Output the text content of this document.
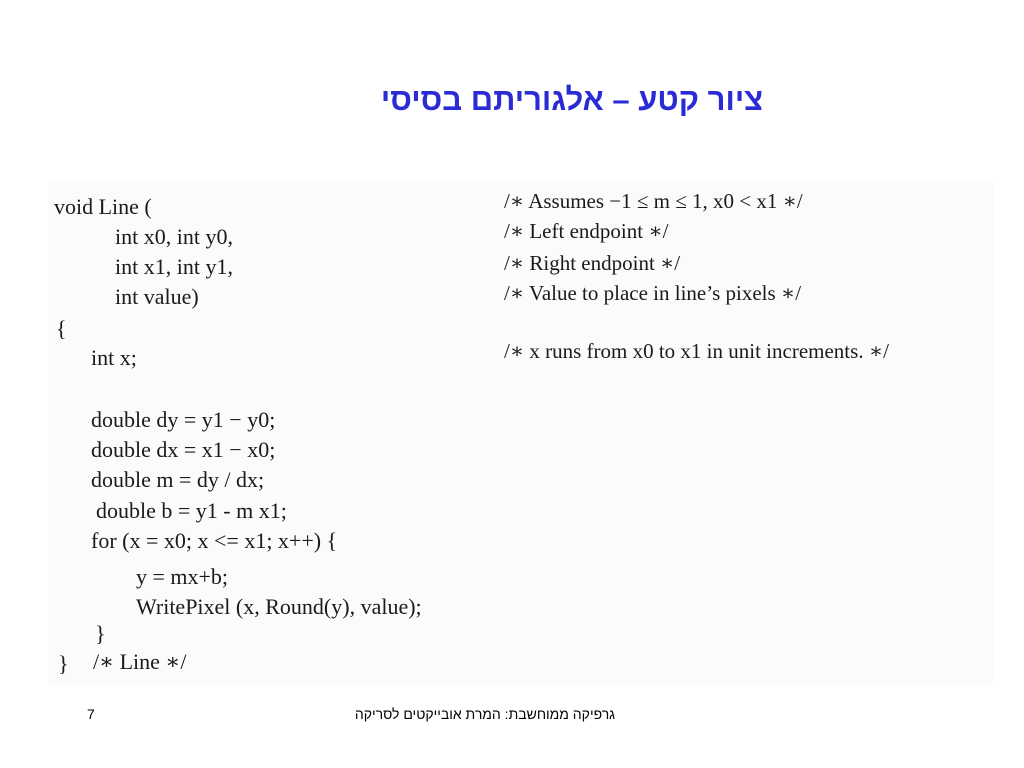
ציור קטע – אלגוריתם בסיסי
void Line (
int x0, int y0,
int x1, int y1,
int value)
{
int x;
double dy = y1 − y0;
double dx = x1 − x0;
double m = dy / dx;
double b = y1 - m x1;
for (x = x0; x <= x1; x++) {
y = mx+b;
WritePixel (x, Round(y), value);
}
} /∗ Line ∗/
/∗ Assumes −1 ≤ m ≤ 1, x0 < x1 ∗/
/∗ Left endpoint ∗/
/∗ Right endpoint ∗/
/∗ Value to place in line’s pixels ∗/
/∗ x runs from x0 to x1 in unit increments. ∗/
7	גרפיקה ממוחשבת: המרת אובייקטים לסריקה
